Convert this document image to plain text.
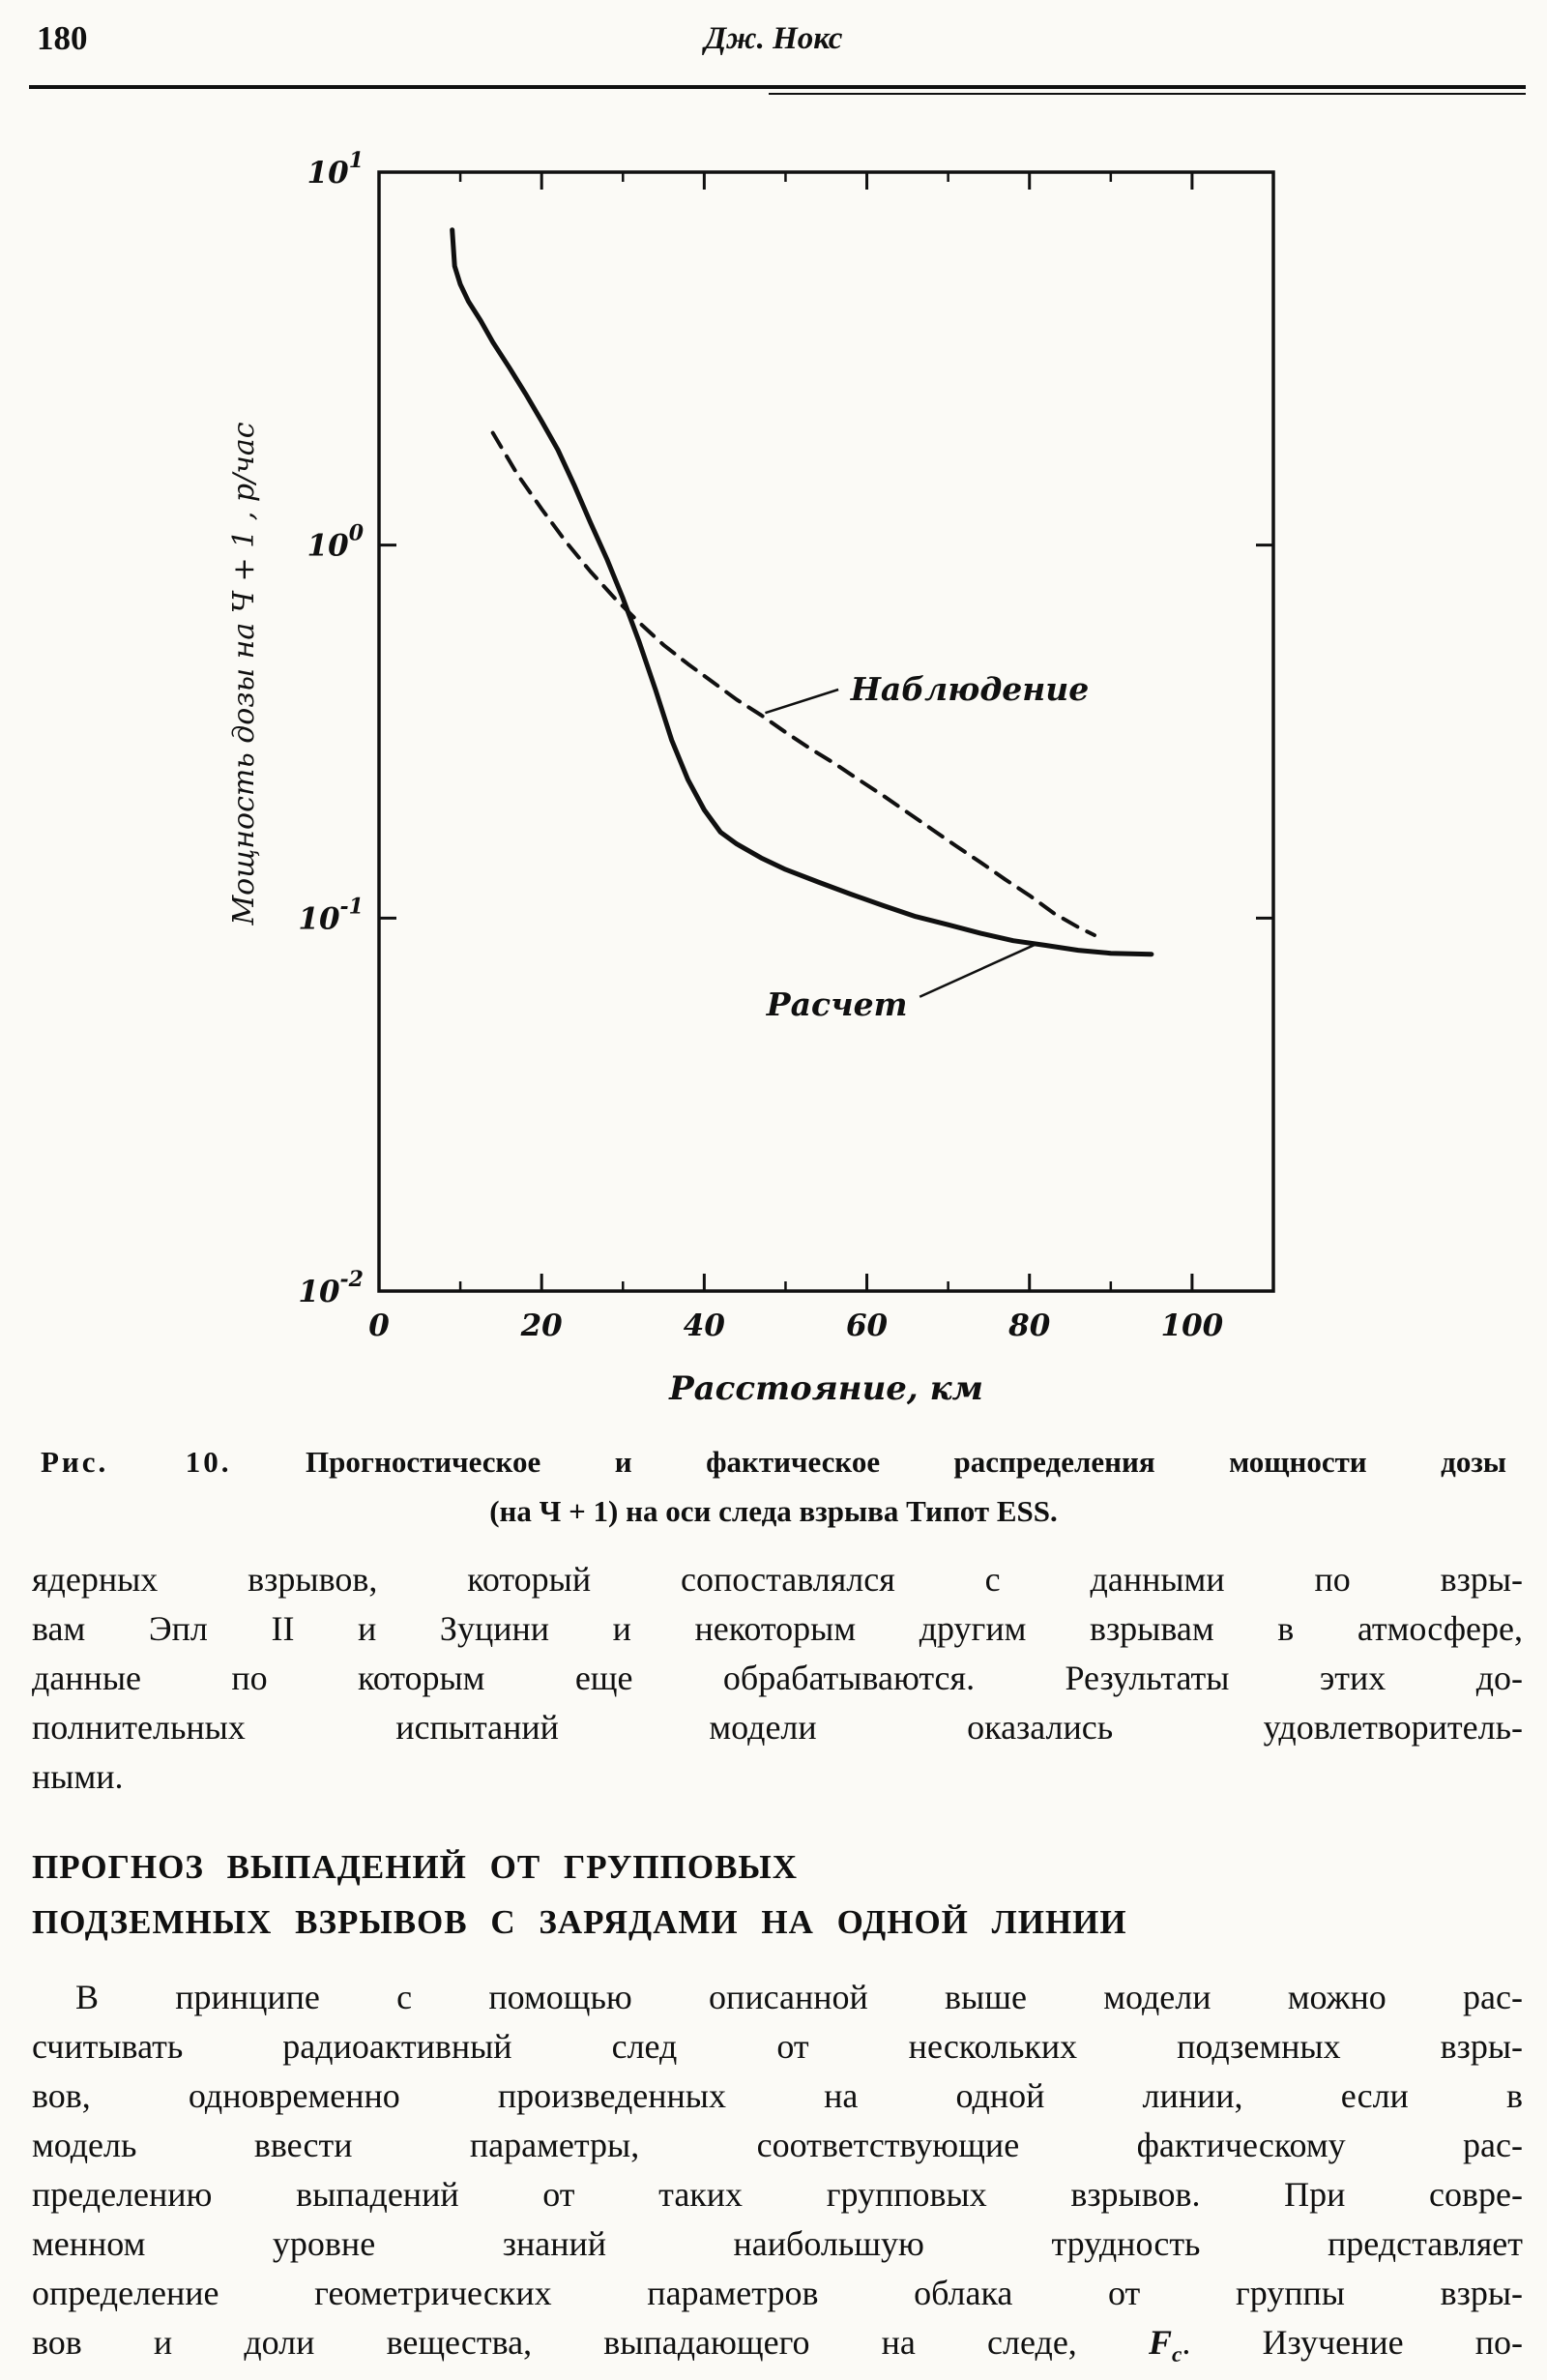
180	Дж. Нокс
0	20	40	60	80	100
$10^1$
$10^0$
$10^{-1}$
$10^{-2}$
Наблюдение
Расчет
Расстояние, км
Мощность дозы на Ч + 1 , р/час
Рис. 10. Прогностическое и фактическое распределения мощности дозы
(на Ч + 1) на оси следа взрыва Типот ESS.
ядерных взрывов, который сопоставлялся с данными по взры-
вам Эпл II и Зуцини и некоторым другим взрывам в атмосфере,
данные по которым еще обрабатываются. Результаты этих до-
полнительных испытаний модели оказались удовлетворитель-
ными.
ПРОГНОЗ ВЫПАДЕНИЙ ОТ ГРУППОВЫХ
ПОДЗЕМНЫХ ВЗРЫВОВ С ЗАРЯДАМИ НА ОДНОЙ ЛИНИИ
В принципе с помощью описанной выше модели можно рас-
считывать радиоактивный след от нескольких подземных взры-
вов, одновременно произведенных на одной линии, если в
модель ввести параметры, соответствующие фактическому рас-
пределению выпадений от таких групповых взрывов. При совре-
менном уровне знаний наибольшую трудность представляет
определение геометрических параметров облака от группы взры-
вов и доли вещества, выпадающего на следе, $F_c$. Изучение по-
